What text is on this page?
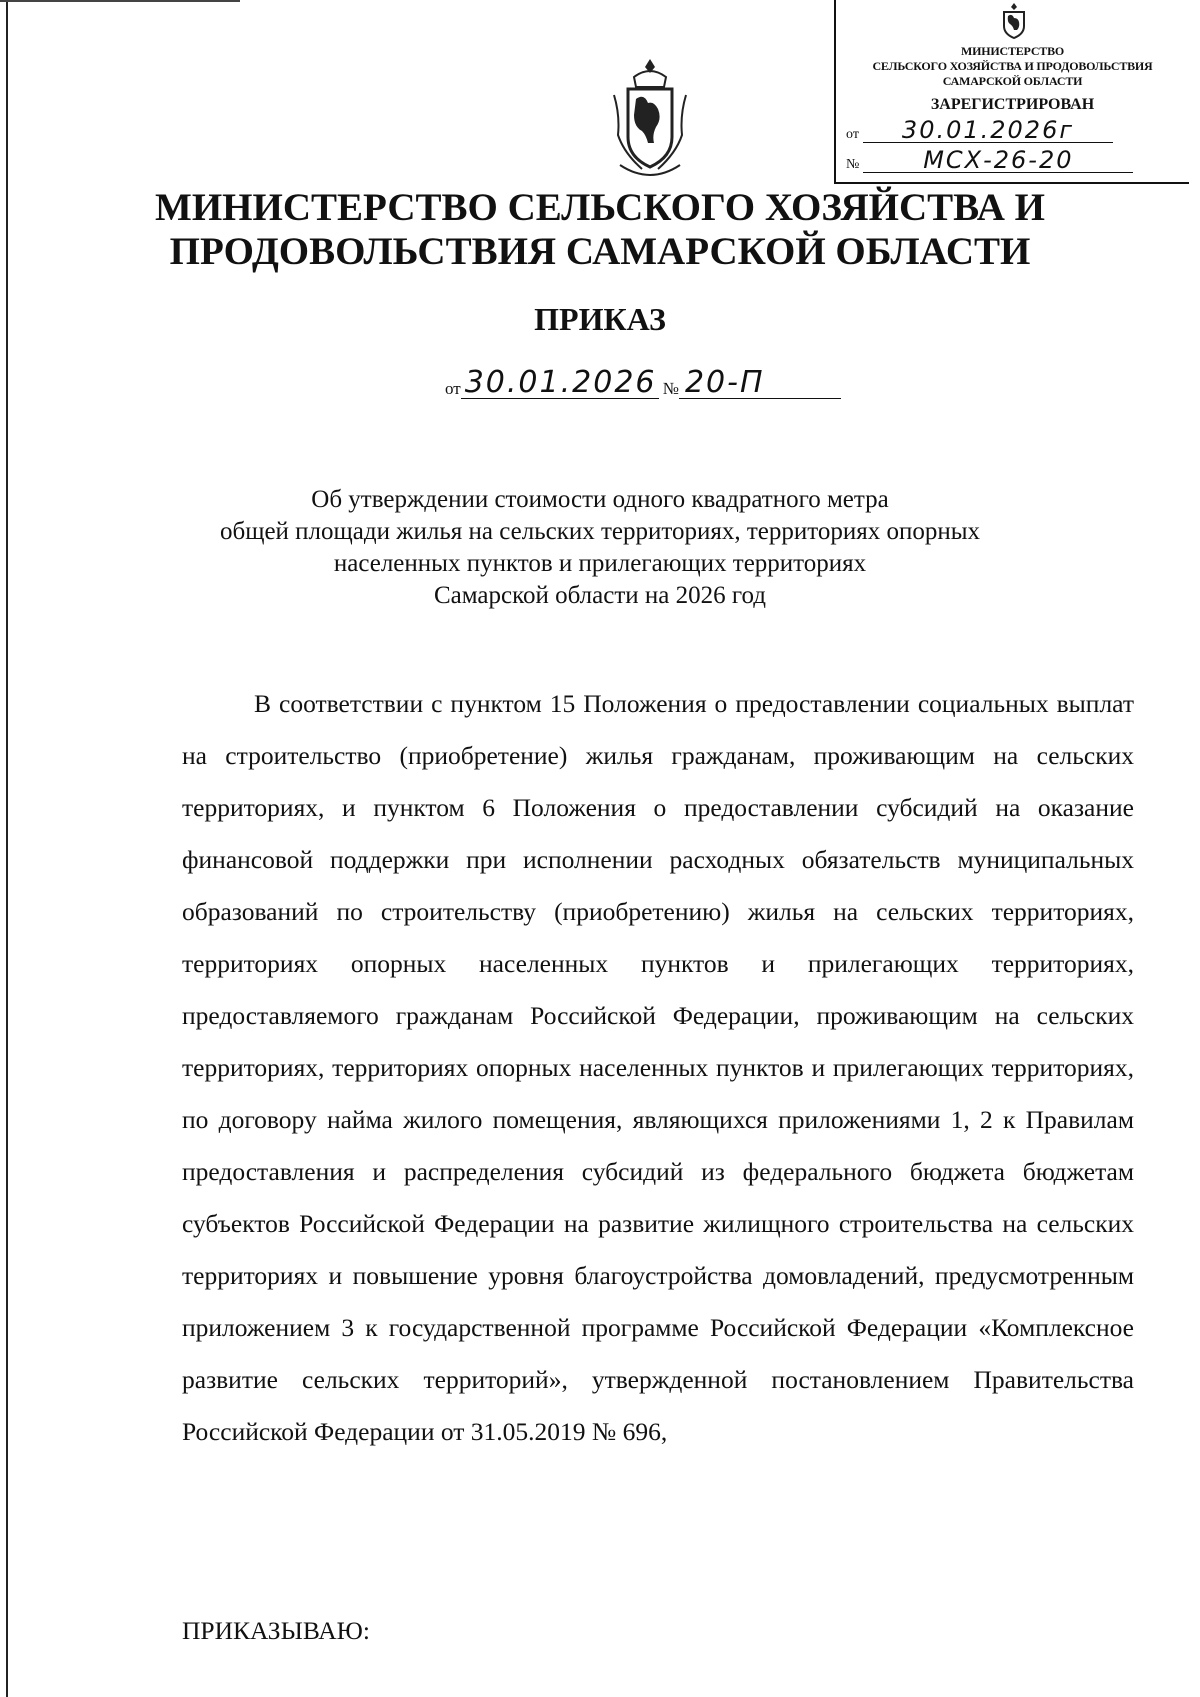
МИНИСТЕРСТВО
СЕЛЬСКОГО ХОЗЯЙСТВА И ПРОДОВОЛЬСТВИЯ
САМАРСКОЙ ОБЛАСТИ
ЗАРЕГИСТРИРОВАН
от	30.01.2026г
№	МСХ-26-20
МИНИСТЕРСТВО СЕЛЬСКОГО ХОЗЯЙСТВА И
ПРОДОВОЛЬСТВИЯ САМАРСКОЙ ОБЛАСТИ
ПРИКАЗ
от 30.01.2026 № 20-П
Об утверждении стоимости одного квадратного метра
общей площади жилья на сельских территориях, территориях опорных
населенных пунктов и прилегающих территориях
Самарской области на 2026 год

В соответствии с пунктом 15 Положения о предоставлении социальных выплат на строительство (приобретение) жилья гражданам, проживающим на сельских территориях, и пунктом 6 Положения о предоставлении субсидий на оказание финансовой поддержки при исполнении расходных обязательств муниципальных образований по строительству (приобретению) жилья на сельских территориях, территориях опорных населенных пунктов и прилегающих территориях, предоставляемого гражданам Российской Федерации, проживающим на сельских территориях, территориях опорных населенных пунктов и прилегающих территориях, по договору найма жилого помещения, являющихся приложениями 1, 2 к Правилам предоставления и распределения субсидий из федерального бюджета бюджетам субъектов Российской Федерации на развитие жилищного строительства на сельских территориях и повышение уровня благоустройства домовладений, предусмотренным приложением 3 к государственной программе Российской Федерации «Комплексное развитие сельских территорий», утвержденной постановлением Правительства Российской Федерации от 31.05.2019 № 696,

ПРИКАЗЫВАЮ:
